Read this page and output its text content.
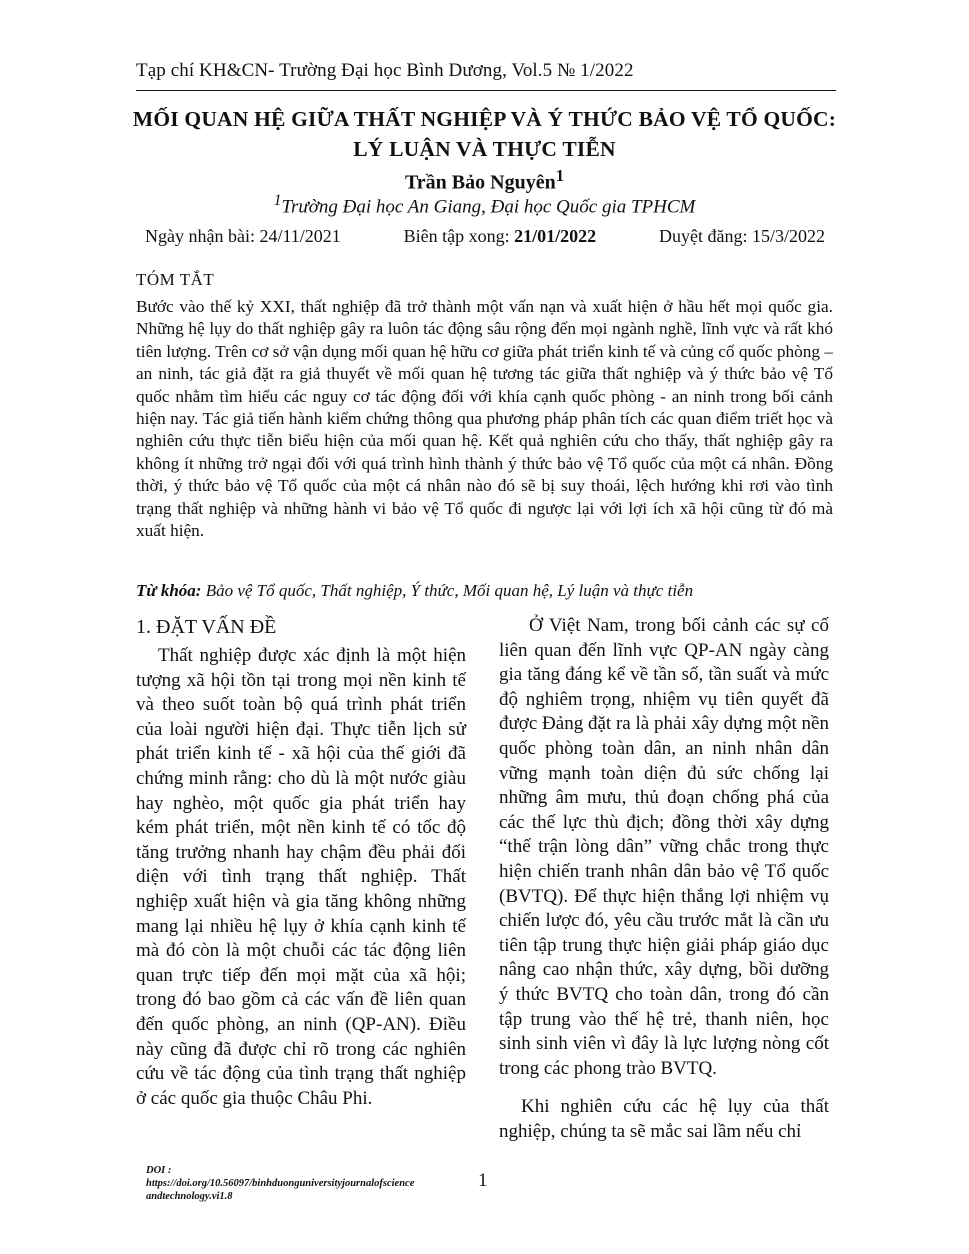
Tạp chí KH&CN- Trường Đại học Bình Dương, Vol.5 № 1/2022
MỐI QUAN HỆ GIỮA THẤT NGHIỆP VÀ Ý THỨC BẢO VỆ TỔ QUỐC: LÝ LUẬN VÀ THỰC TIỄN
Trần Bảo Nguyên$^1$
$^1$Trường Đại học An Giang, Đại học Quốc gia TPHCM
Ngày nhận bài: 24/11/2021	Biên tập xong: 21/01/2022	Duyệt đăng: 15/3/2022
TÓM TẮT

Bước vào thế kỷ XXI, thất nghiệp đã trở thành một vấn nạn và xuất hiện ở hầu hết mọi quốc gia. Những hệ lụy do thất nghiệp gây ra luôn tác động sâu rộng đến mọi ngành nghề, lĩnh vực và rất khó tiên lượng. Trên cơ sở vận dụng mối quan hệ hữu cơ giữa phát triển kinh tế và củng cố quốc phòng – an ninh, tác giả đặt ra giả thuyết về mối quan hệ tương tác giữa thất nghiệp và ý thức bảo vệ Tổ quốc nhằm tìm hiểu các nguy cơ tác động đối với khía cạnh quốc phòng - an ninh trong bối cảnh hiện nay. Tác giả tiến hành kiểm chứng thông qua phương pháp phân tích các quan điểm triết học và nghiên cứu thực tiễn biểu hiện của mối quan hệ. Kết quả nghiên cứu cho thấy, thất nghiệp gây ra không ít những trở ngại đối với quá trình hình thành ý thức bảo vệ Tổ quốc của một cá nhân. Đồng thời, ý thức bảo vệ Tổ quốc của một cá nhân nào đó sẽ bị suy thoái, lệch hướng khi rơi vào tình trạng thất nghiệp và những hành vi bảo vệ Tổ quốc đi ngược lại với lợi ích xã hội cũng từ đó mà xuất hiện.

Từ khóa: Bảo vệ Tổ quốc, Thất nghiệp, Ý thức, Mối quan hệ, Lý luận và thực tiễn
1. ĐẶT VẤN ĐỀ

Thất nghiệp được xác định là một hiện tượng xã hội tồn tại trong mọi nền kinh tế và theo suốt toàn bộ quá trình phát triển của loài người hiện đại. Thực tiễn lịch sử phát triển kinh tế - xã hội của thế giới đã chứng minh rằng: cho dù là một nước giàu hay nghèo, một quốc gia phát triển hay kém phát triển, một nền kinh tế có tốc độ tăng trưởng nhanh hay chậm đều phải đối diện với tình trạng thất nghiệp. Thất nghiệp xuất hiện và gia tăng không những mang lại nhiều hệ lụy ở khía cạnh kinh tế mà đó còn là một chuỗi các tác động liên quan trực tiếp đến mọi mặt của xã hội; trong đó bao gồm cả các vấn đề liên quan đến quốc phòng, an ninh (QP-AN). Điều này cũng đã được chỉ rõ trong các nghiên cứu về tác động của tình trạng thất nghiệp ở các quốc gia thuộc Châu Phi.

Ở Việt Nam, trong bối cảnh các sự cố liên quan đến lĩnh vực QP-AN ngày càng gia tăng đáng kể về tần số, tần suất và mức độ nghiêm trọng, nhiệm vụ tiên quyết đã được Đảng đặt ra là phải xây dựng một nền quốc phòng toàn dân, an ninh nhân dân vững mạnh toàn diện đủ sức chống lại những âm mưu, thủ đoạn chống phá của các thế lực thù địch; đồng thời xây dựng “thế trận lòng dân” vững chắc trong thực hiện chiến tranh nhân dân bảo vệ Tổ quốc (BVTQ). Để thực hiện thắng lợi nhiệm vụ chiến lược đó, yêu cầu trước mắt là cần ưu tiên tập trung thực hiện giải pháp giáo dục nâng cao nhận thức, xây dựng, bồi dưỡng ý thức BVTQ cho toàn dân, trong đó cần tập trung vào thế hệ trẻ, thanh niên, học sinh sinh viên vì đây là lực lượng nòng cốt trong các phong trào BVTQ.

Khi nghiên cứu các hệ lụy của thất nghiệp, chúng ta sẽ mắc sai lầm nếu chỉ

DOI :
https://doi.org/10.56097/binhduonguniversityjournalofscience andtechnology.vi1.8
1
